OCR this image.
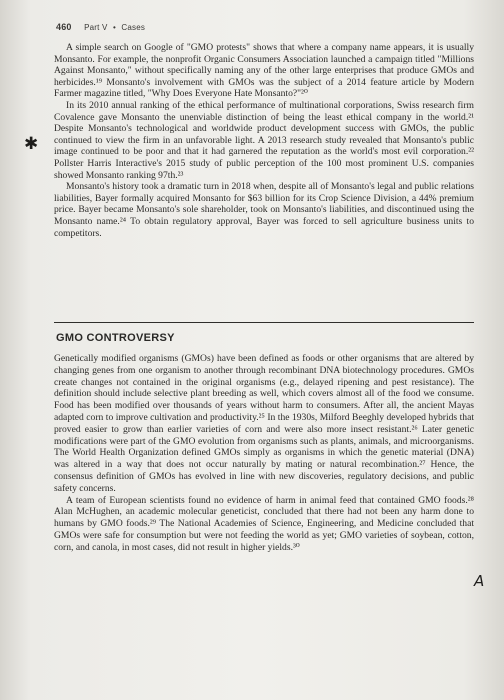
460 Part V • Cases

A simple search on Google of "GMO protests" shows that where a company name appears, it is usually Monsanto. For example, the nonprofit Organic Consumers Association launched a campaign titled "Millions Against Monsanto," without specifically naming any of the other large enterprises that produce GMOs and herbicides.¹⁹ Monsanto's involvement with GMOs was the subject of a 2014 feature article by Modern Farmer magazine titled, "Why Does Everyone Hate Monsanto?"²⁰

In its 2010 annual ranking of the ethical performance of multinational corporations, Swiss research firm Covalence gave Monsanto the unenviable distinction of being the least ethical company in the world.²¹ Despite Monsanto's technological and worldwide product development success with GMOs, the public continued to view the firm in an unfavorable light. A 2013 research study revealed that Monsanto's public image continued to be poor and that it had garnered the reputation as the world's most evil corporation.²² Pollster Harris Interactive's 2015 study of public perception of the 100 most prominent U.S. companies showed Monsanto ranking 97th.²³

Monsanto's history took a dramatic turn in 2018 when, despite all of Monsanto's legal and public relations liabilities, Bayer formally acquired Monsanto for $63 billion for its Crop Science Division, a 44% premium price. Bayer became Monsanto's sole shareholder, took on Monsanto's liabilities, and discontinued using the Monsanto name.²⁴ To obtain regulatory approval, Bayer was forced to sell agriculture business units to competitors.

✱
GMO CONTROVERSY

Genetically modified organisms (GMOs) have been defined as foods or other organisms that are altered by changing genes from one organism to another through recombinant DNA biotechnology procedures. GMOs create changes not contained in the original organisms (e.g., delayed ripening and pest resistance). The definition should include selective plant breeding as well, which covers almost all of the food we consume. Food has been modified over thousands of years without harm to consumers. After all, the ancient Mayas adapted corn to improve cultivation and productivity.²⁵ In the 1930s, Milford Beeghly developed hybrids that proved easier to grow than earlier varieties of corn and were also more insect resistant.²⁶ Later genetic modifications were part of the GMO evolution from organisms such as plants, animals, and microorganisms. The World Health Organization defined GMOs simply as organisms in which the genetic material (DNA) was altered in a way that does not occur naturally by mating or natural recombination.²⁷ Hence, the consensus definition of GMOs has evolved in line with new discoveries, regulatory decisions, and public safety concerns.

A team of European scientists found no evidence of harm in animal feed that contained GMO foods.²⁸ Alan McHughen, an academic molecular geneticist, concluded that there had not been any harm done to humans by GMO foods.²⁹ The National Academies of Science, Engineering, and Medicine concluded that GMOs were safe for consumption but were not feeding the world as yet; GMO varieties of soybean, cotton, corn, and canola, in most cases, did not result in higher yields.³⁰

A
